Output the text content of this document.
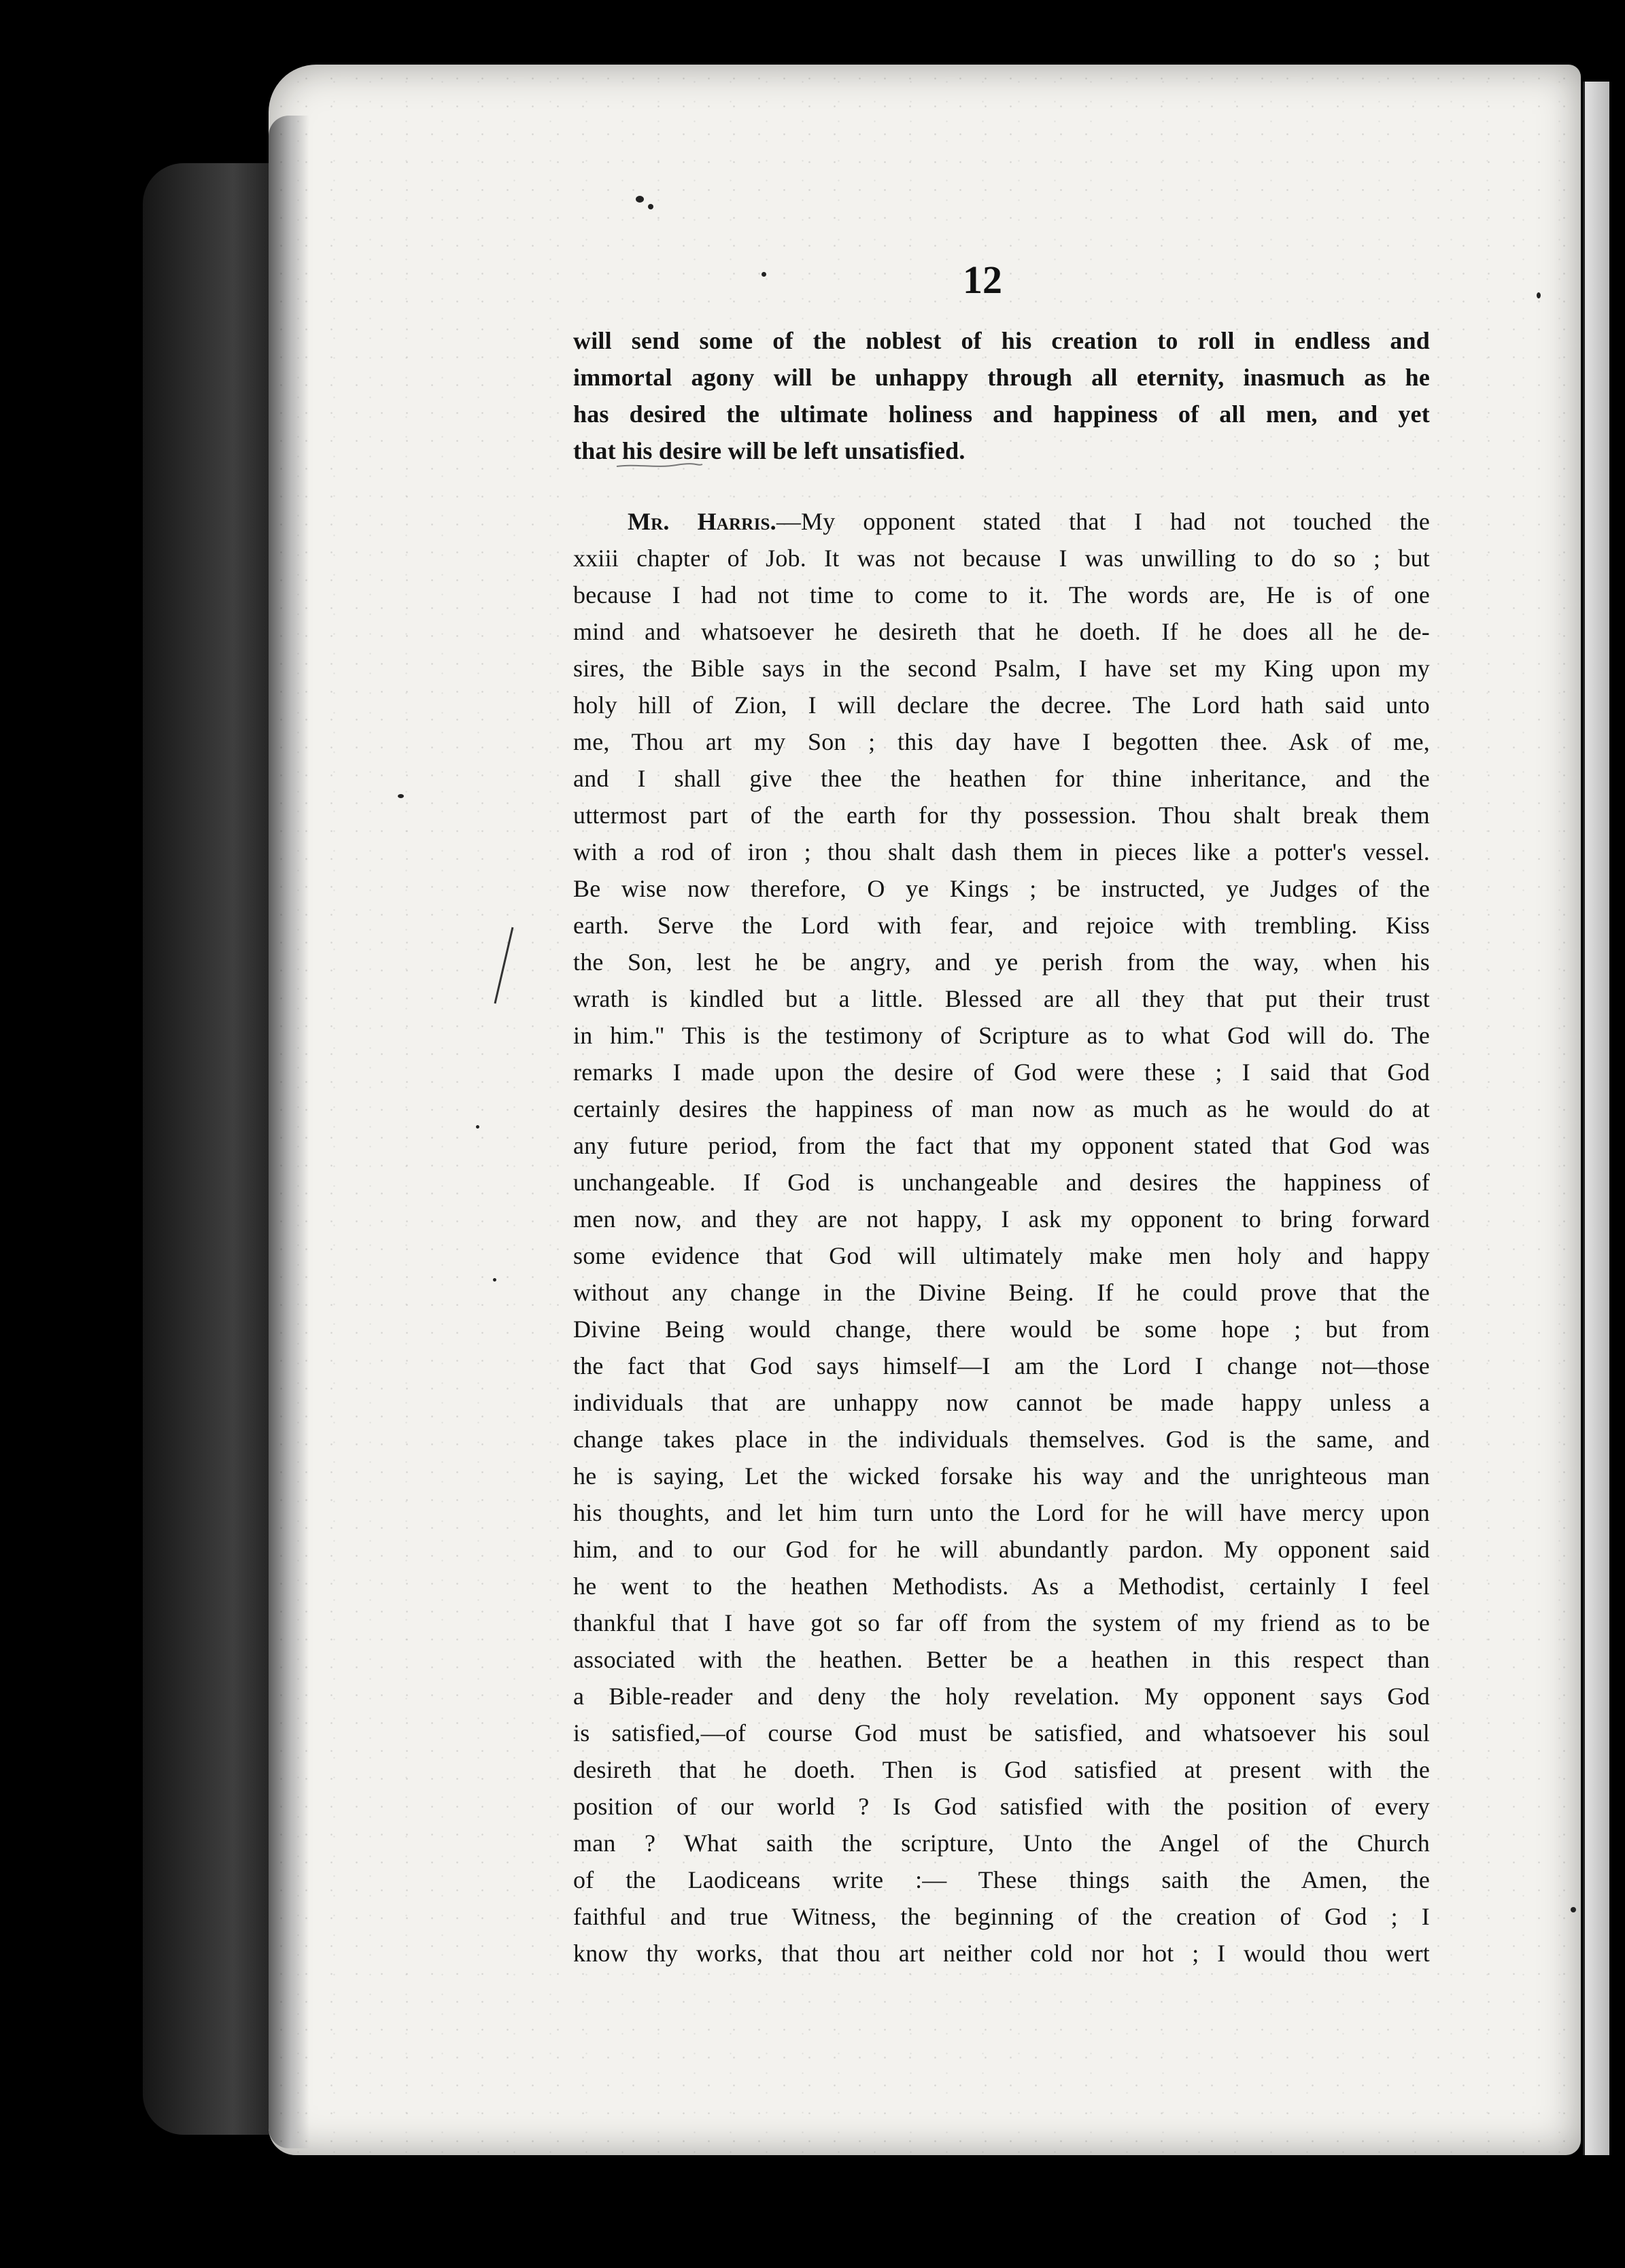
12
will send some of the noblest of his creation to roll in endless and
immortal agony will be unhappy through all eternity, inasmuch as he
has desired the ultimate holiness and happiness of all men, and yet
that his desire will be left unsatisfied.
Mr. Harris.—My opponent stated that I had not touched the
xxiii chapter of Job. It was not because I was unwilling to do so ; but
because I had not time to come to it. The words are, He is of one
mind and whatsoever he desireth that he doeth. If he does all he de-
sires, the Bible says in the second Psalm, I have set my King upon my
holy hill of Zion, I will declare the decree. The Lord hath said unto
me, Thou art my Son ; this day have I begotten thee. Ask of me,
and I shall give thee the heathen for thine inheritance, and the
uttermost part of the earth for thy possession. Thou shalt break them
with a rod of iron ; thou shalt dash them in pieces like a potter's vessel.
Be wise now therefore, O ye Kings ; be instructed, ye Judges of the
earth. Serve the Lord with fear, and rejoice with trembling. Kiss
the Son, lest he be angry, and ye perish from the way, when his
wrath is kindled but a little. Blessed are all they that put their trust
in him." This is the testimony of Scripture as to what God will do. The
remarks I made upon the desire of God were these ; I said that God
certainly desires the happiness of man now as much as he would do at
any future period, from the fact that my opponent stated that God was
unchangeable. If God is unchangeable and desires the happiness of
men now, and they are not happy, I ask my opponent to bring forward
some evidence that God will ultimately make men holy and happy
without any change in the Divine Being. If he could prove that the
Divine Being would change, there would be some hope ; but from
the fact that God says himself—I am the Lord I change not—those
individuals that are unhappy now cannot be made happy unless a
change takes place in the individuals themselves. God is the same, and
he is saying, Let the wicked forsake his way and the unrighteous man
his thoughts, and let him turn unto the Lord for he will have mercy upon
him, and to our God for he will abundantly pardon. My opponent said
he went to the heathen Methodists. As a Methodist, certainly I feel
thankful that I have got so far off from the system of my friend as to be
associated with the heathen. Better be a heathen in this respect than
a Bible-reader and deny the holy revelation. My opponent says God
is satisfied,—of course God must be satisfied, and whatsoever his soul
desireth that he doeth. Then is God satisfied at present with the
position of our world ? Is God satisfied with the position of every
man ? What saith the scripture, Unto the Angel of the Church
of the Laodiceans write :— These things saith the Amen, the
faithful and true Witness, the beginning of the creation of God ; I
know thy works, that thou art neither cold nor hot ; I would thou wert
